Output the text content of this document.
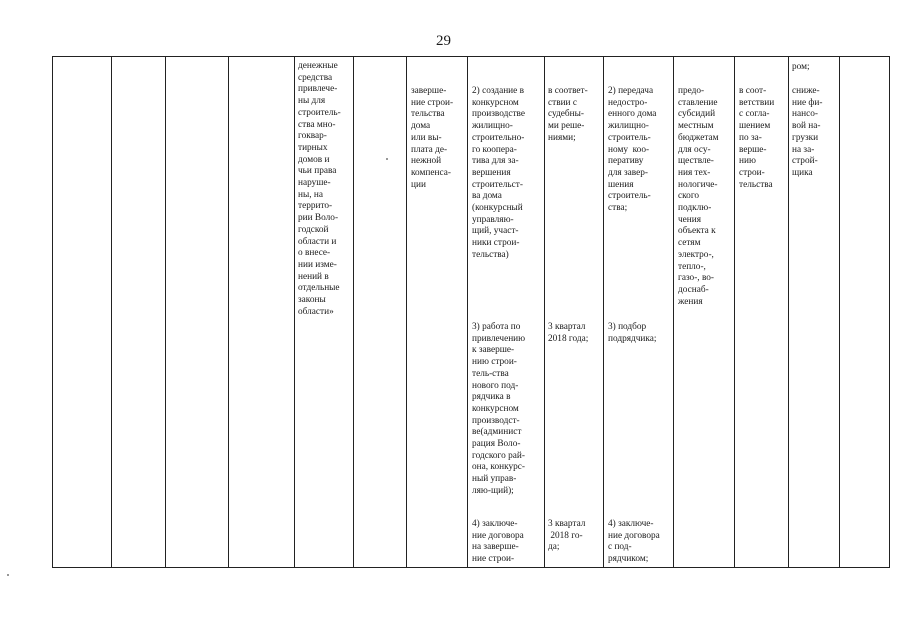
29
денежные
средства
привлече-
ны для
строитель-
ства мно-
гоквар-
тирных
домов и
чьи права
наруше-
ны, на
террито-
рии Воло-
годской
области и
о внесе-
нии изме-
нений в
отдельные
законы
области»
заверше-
ние строи-
тельства
дома
или вы-
плата де-
нежной
компенса-
ции
2) создание в
конкурсном
производстве
жилищно-
строительно-
го коопера-
тива для за-
вершения
строительст-
ва дома
(конкурсный
управляю-
щий, участ-
ники строи-
тельства)
3) работа по
привлечению
к заверше-
нию строи-
тель-ства
нового под-
рядчика в
конкурсном
производст-
ве(админист
рация Воло-
годского рай-
она, конкурс-
ный управ-
ляю-щий);
4) заключе-
ние договора
на заверше-
ние строи-
в соответ-
ствии с
судебны-
ми реше-
ниями;
3 квартал
2018 года;
3 квартал
2018 го-
да;
2) передача
недостро-
енного дома
жилищно-
строитель-
ному  коо-
перативу
для завер-
шения
строитель-
ства;
3) подбор
подрядчика;
4) заключе-
ние договора
с под-
рядчиком;
предо-
ставление
субсидий
местным
бюджетам
для осу-
ществле-
ния тех-
нологиче-
ского
подклю-
чения
объекта к
сетям
электро-,
тепло-,
газо-, во-
доснаб-
жения
в соот-
ветствии
с согла-
шением
по за-
верше-
нию
строи-
тельства
ром;
сниже-
ние фи-
нансо-
вой на-
грузки
на за-
строй-
щика
